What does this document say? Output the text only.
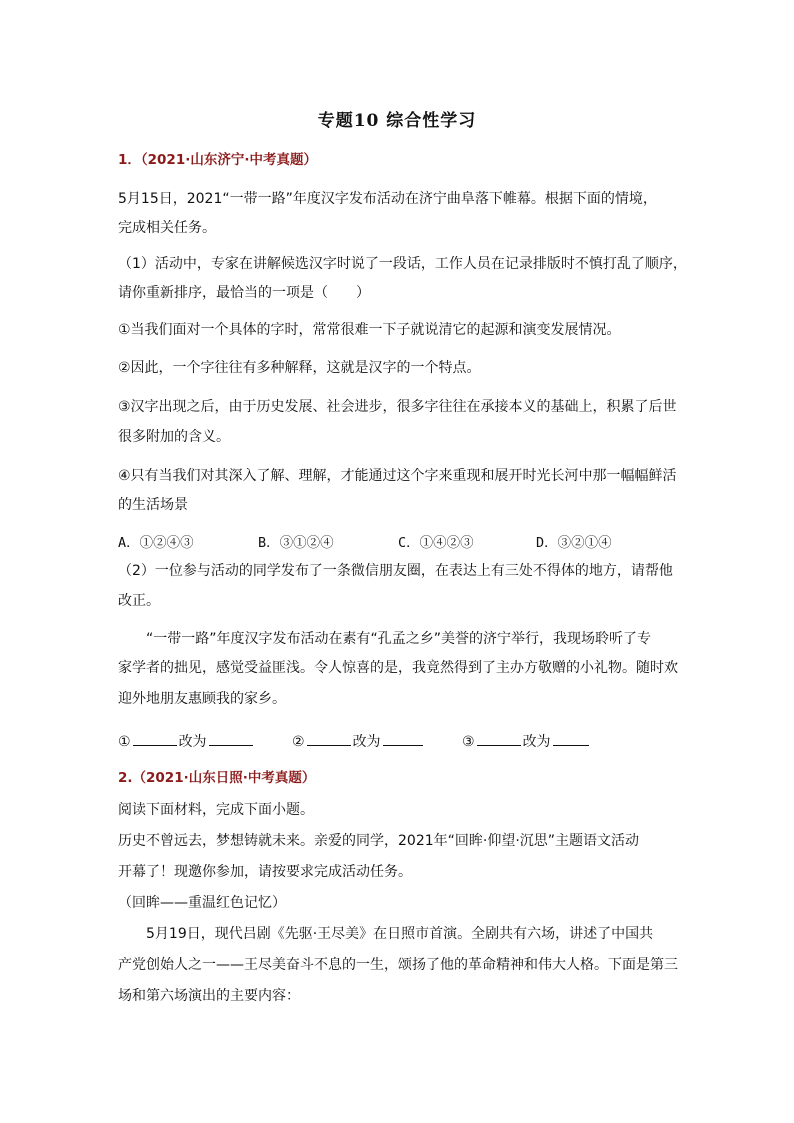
专题10 综合性学习
1．（2021·山东济宁·中考真题）
5月15日，2021“一带一路”年度汉字发布活动在济宁曲阜落下帷幕。根据下面的情境，
完成相关任务。
（1）活动中，专家在讲解候选汉字时说了一段话，工作人员在记录排版时不慎打乱了顺序，
请你重新排序，最恰当的一项是（　　）
①当我们面对一个具体的字时，常常很难一下子就说清它的起源和演变发展情况。
②因此，一个字往往有多种解释，这就是汉字的一个特点。
③汉字出现之后，由于历史发展、社会进步，很多字往往在承接本义的基础上，积累了后世
很多附加的含义。
④只有当我们对其深入了解、理解，才能通过这个字来重现和展开时光长河中那一幅幅鲜活
的生活场景
A．①②④③	B．③①②④	C．①④②③	D．③②①④
（2）一位参与活动的同学发布了一条微信朋友圈，在表达上有三处不得体的地方，请帮他
改正。
“一带一路”年度汉字发布活动在素有“孔孟之乡”美誉的济宁举行，我现场聆听了专
家学者的拙见，感觉受益匪浅。令人惊喜的是，我竟然得到了主办方敬赠的小礼物。随时欢
迎外地朋友惠顾我的家乡。
①	改为	②	改为	③	改为
2.（2021·山东日照·中考真题）
阅读下面材料，完成下面小题。
历史不曾远去，梦想铸就未来。亲爱的同学，2021年“回眸·仰望·沉思”主题语文活动
开幕了！现邀你参加，请按要求完成活动任务。
（回眸——重温红色记忆）
5月19日，现代吕剧《先驱·王尽美》在日照市首演。全剧共有六场，讲述了中国共
产党创始人之一——王尽美奋斗不息的一生，颂扬了他的革命精神和伟大人格。下面是第三
场和第六场演出的主要内容：
